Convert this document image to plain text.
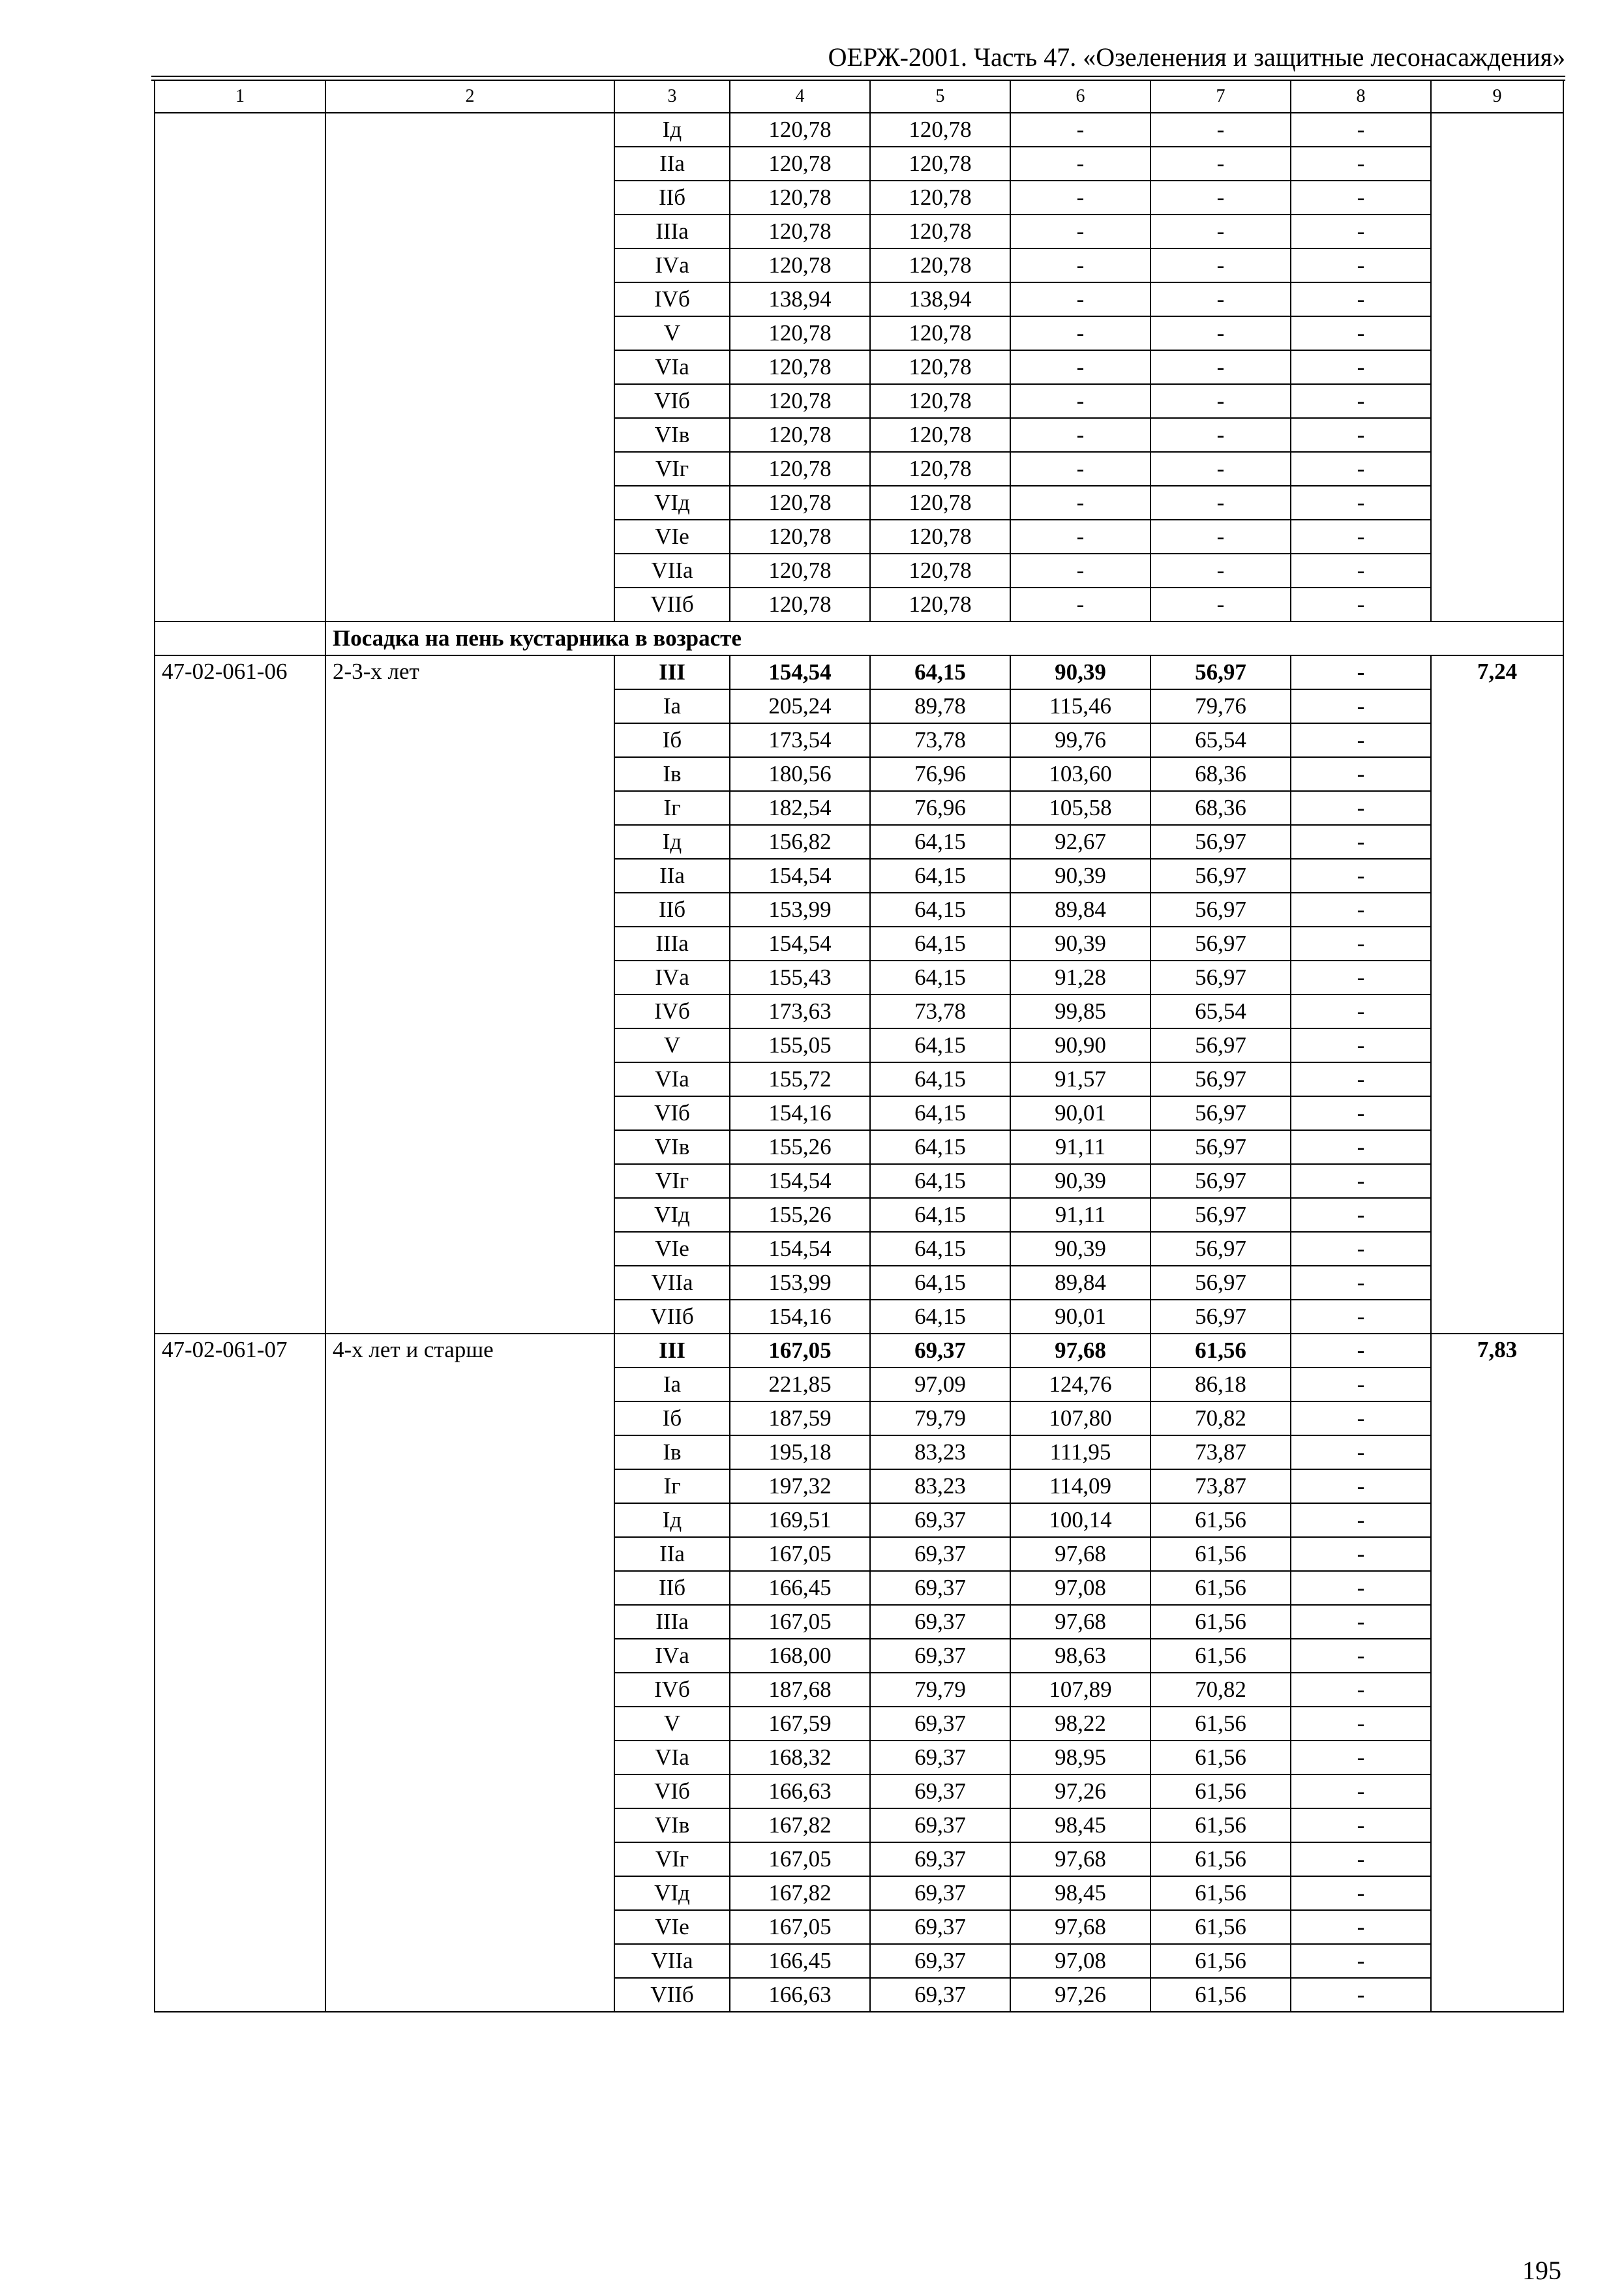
ОЕРЖ-2001. Часть 47. «Озеленения и защитные лесонасаждения»
1	2	3	4	5	6	7	8	9
		Iд	120,78	120,78	-	-	-	
		IIа	120,78	120,78	-	-	-	
		IIб	120,78	120,78	-	-	-	
		IIIа	120,78	120,78	-	-	-	
		IVа	120,78	120,78	-	-	-	
		IVб	138,94	138,94	-	-	-	
		V	120,78	120,78	-	-	-	
		VIа	120,78	120,78	-	-	-	
		VIб	120,78	120,78	-	-	-	
		VIв	120,78	120,78	-	-	-	
		VIг	120,78	120,78	-	-	-	
		VIд	120,78	120,78	-	-	-	
		VIе	120,78	120,78	-	-	-	
		VIIа	120,78	120,78	-	-	-	
		VIIб	120,78	120,78	-	-	-	
	Посадка на пень кустарника в возрасте							
47-02-061-06	2-3-х лет	III	154,54	64,15	90,39	56,97	-	7,24
		Iа	205,24	89,78	115,46	79,76	-	
		Iб	173,54	73,78	99,76	65,54	-	
		Iв	180,56	76,96	103,60	68,36	-	
		Iг	182,54	76,96	105,58	68,36	-	
		Iд	156,82	64,15	92,67	56,97	-	
		IIа	154,54	64,15	90,39	56,97	-	
		IIб	153,99	64,15	89,84	56,97	-	
		IIIа	154,54	64,15	90,39	56,97	-	
		IVа	155,43	64,15	91,28	56,97	-	
		IVб	173,63	73,78	99,85	65,54	-	
		V	155,05	64,15	90,90	56,97	-	
		VIа	155,72	64,15	91,57	56,97	-	
		VIб	154,16	64,15	90,01	56,97	-	
		VIв	155,26	64,15	91,11	56,97	-	
		VIг	154,54	64,15	90,39	56,97	-	
		VIд	155,26	64,15	91,11	56,97	-	
		VIе	154,54	64,15	90,39	56,97	-	
		VIIа	153,99	64,15	89,84	56,97	-	
		VIIб	154,16	64,15	90,01	56,97	-	
47-02-061-07	4-х лет и старше	III	167,05	69,37	97,68	61,56	-	7,83
		Iа	221,85	97,09	124,76	86,18	-	
		Iб	187,59	79,79	107,80	70,82	-	
		Iв	195,18	83,23	111,95	73,87	-	
		Iг	197,32	83,23	114,09	73,87	-	
		Iд	169,51	69,37	100,14	61,56	-	
		IIа	167,05	69,37	97,68	61,56	-	
		IIб	166,45	69,37	97,08	61,56	-	
		IIIа	167,05	69,37	97,68	61,56	-	
		IVа	168,00	69,37	98,63	61,56	-	
		IVб	187,68	79,79	107,89	70,82	-	
		V	167,59	69,37	98,22	61,56	-	
		VIа	168,32	69,37	98,95	61,56	-	
		VIб	166,63	69,37	97,26	61,56	-	
		VIв	167,82	69,37	98,45	61,56	-	
		VIг	167,05	69,37	97,68	61,56	-	
		VIд	167,82	69,37	98,45	61,56	-	
		VIе	167,05	69,37	97,68	61,56	-	
		VIIа	166,45	69,37	97,08	61,56	-	
		VIIб	166,63	69,37	97,26	61,56	-	
195
